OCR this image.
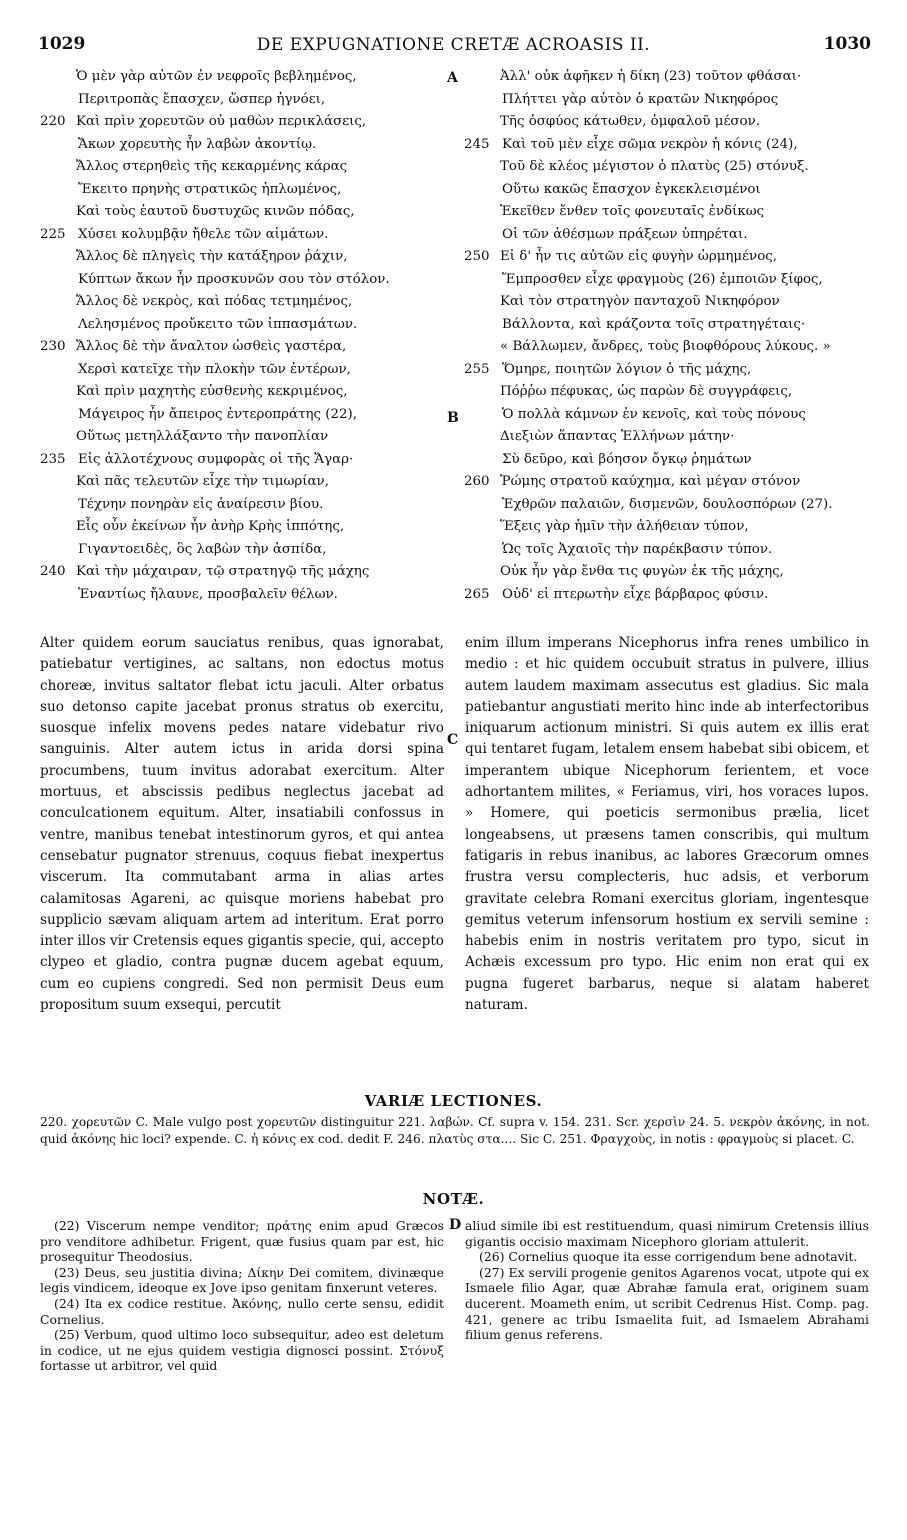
1029	DE EXPUGNATIONE CRETÆ ACROASIS II.	1030
A
B
C
D
Ὁ μὲν γὰρ αὐτῶν ἐν νεφροῖς βεβλημένος,
Περιτροπὰς ἔπασχεν, ὥσπερ ἠγνόει,
220 Καὶ πρὶν χορευτῶν οὐ μαθὼν περικλάσεις,
Ἄκων χορευτὴς ἦν λαβὼν ἀκοντίῳ.
Ἄλλος στερηθεὶς τῆς κεκαρμένης κάρας
Ἔκειτο πρηνὴς στρατικῶς ἡπλωμένος,
Καὶ τοὺς ἑαυτοῦ δυστυχῶς κινῶν πόδας,
225 Χύσει κολυμβᾷν ἤθελε τῶν αἱμάτων.
Ἄλλος δὲ πληγεὶς τὴν κατάξηρον ῥάχιν,
Κύπτων ἄκων ἦν προσκυνῶν σου τὸν στόλον.
Ἄλλος δὲ νεκρὸς, καὶ πόδας τετμημένος,
Λελησμένος προὔκειτο τῶν ἱππασμάτων.
230 Ἄλλος δὲ τὴν ἄναλτον ὠσθεὶς γαστέρα,
Χερσὶ κατεῖχε τὴν πλοκὴν τῶν ἐντέρων,
Καὶ πρὶν μαχητὴς εὐσθενὴς κεκριμένος,
Μάγειρος ἦν ἄπειρος ἐντεροπράτης (22),
Οὕτως μετηλλάξαντο τὴν πανοπλίαν
235 Εἰς ἀλλοτέχνους συμφορὰς οἱ τῆς Ἄγαρ·
Καὶ πᾶς τελευτῶν εἶχε τὴν τιμωρίαν,
Τέχνην πονηρὰν εἰς ἀναίρεσιν βίου.
Εἷς οὖν ἐκείνων ἦν ἀνὴρ Κρὴς ἱππότης,
Γιγαντοειδὲς, ὃς λαβὼν τὴν ἀσπίδα,
240 Καὶ τὴν μάχαιραν, τῷ στρατηγῷ τῆς μάχης
Ἐναντίως ἤλαυνε, προσβαλεῖν θέλων.
Ἀλλ' οὐκ ἀφῆκεν ἡ δίκη (23) τοῦτον φθάσαι·
Πλήττει γὰρ αὐτὸν ὁ κρατῶν Νικηφόρος
Τῆς ὀσφύος κάτωθεν, ὀμφαλοῦ μέσον.
245 Καὶ τοῦ μὲν εἶχε σῶμα νεκρὸν ἡ κόνις (24),
Τοῦ δὲ κλέος μέγιστον ὁ πλατὺς (25) στόνυξ.
Οὕτω κακῶς ἔπασχον ἐγκεκλεισμένοι
Ἐκεῖθεν ἔνθεν τοῖς φονευταῖς ἐνδίκως
Οἱ τῶν ἀθέσμων πράξεων ὑπηρέται.
250 Εἰ δ' ἦν τις αὐτῶν εἰς φυγὴν ὡρμημένος,
Ἔμπροσθεν εἶχε φραγμοὺς (26) ἐμποιῶν ξίφος,
Καὶ τὸν στρατηγὸν πανταχοῦ Νικηφόρον
Βάλλοντα, καὶ κράζοντα τοῖς στρατηγέταις·
« Βάλλωμεν, ἄνδρες, τοὺς βιοφθόρους λύκους. »
255 Ὅμηρε, ποιητῶν λόγιον ὁ τῆς μάχης,
Πόῤῥω πέφυκας, ὡς παρὼν δὲ συγγράφεις,
Ὁ πολλὰ κάμνων ἐν κενοῖς, καὶ τοὺς πόνους
Διεξιὼν ἅπαντας Ἑλλήνων μάτην·
Σὺ δεῦρο, καὶ βόησον ὄγκῳ ῥημάτων
260 Ῥώμης στρατοῦ καύχημα, καὶ μέγαν στόνον
Ἐχθρῶν παλαιῶν, δισμενῶν, δουλοσπόρων (27).
Ἕξεις γὰρ ἡμῖν τὴν ἀλήθειαν τύπον,
Ὡς τοῖς Ἀχαιοῖς τὴν παρέκβασιν τύπον.
Οὐκ ἦν γὰρ ἔνθα τις φυγὼν ἐκ τῆς μάχης,
265 Οὐδ' εἰ πτερωτὴν εἶχε βάρβαρος φύσιν.
Alter quidem eorum sauciatus renibus, quas ignorabat, patiebatur vertigines, ac saltans, non edoctus motus choreæ, invitus saltator flebat ictu jaculi. Alter orbatus suo detonso capite jacebat pronus stratus ob exercitu, suosque infelix movens pedes natare videbatur rivo sanguinis. Alter autem ictus in arida dorsi spina procumbens, tuum invitus adorabat exercitum. Alter mortuus, et abscissis pedibus neglectus jacebat ad conculcationem equitum. Alter, insatiabili confossus in ventre, manibus tenebat intestinorum gyros, et qui antea censebatur pugnator strenuus, coquus fiebat inexpertus viscerum. Ita commutabant arma in alias artes calamitosas Agareni, ac quisque moriens habebat pro supplicio sævam aliquam artem ad interitum. Erat porro inter illos vir Cretensis eques gigantis specie, qui, accepto clypeo et gladio, contra pugnæ ducem agebat equum, cum eo cupiens congredi. Sed non permisit Deus eum propositum suum exsequi, percutit
enim illum imperans Nicephorus infra renes umbilico in medio : et hic quidem occubuit stratus in pulvere, illius autem laudem maximam assecutus est gladius. Sic mala patiebantur angustiati merito hinc inde ab interfectoribus iniquarum actionum ministri. Si quis autem ex illis erat qui tentaret fugam, letalem ensem habebat sibi obicem, et imperantem ubique Nicephorum ferientem, et voce adhortantem milites, « Feriamus, viri, hos voraces lupos. » Homere, qui poeticis sermonibus prælia, licet longeabsens, ut præsens tamen conscribis, qui multum fatigaris in rebus inanibus, ac labores Græcorum omnes frustra versu complecteris, huc adsis, et verborum gravitate celebra Romani exercitus gloriam, ingentesque gemitus veterum infensorum hostium ex servili semine : habebis enim in nostris veritatem pro typo, sicut in Achæis excessum pro typo. Hic enim non erat qui ex pugna fugeret barbarus, neque si alatam haberet naturam.
VARIÆ LECTIONES.
220. χορευτῶν C. Male vulgo post χορευτῶν distinguitur 221. λαβών. Cf. supra v. 154. 231. Scr. χερσὶν 24. 5. νεκρὸν ἀκόνης, in not. quid ἀκόνης hic loci? expende. C. ἡ κόνις ex cod. dedit F. 246. πλατὺς στα.... Sic C. 251. Φραγχοὺς, in notis : φραγμοὺς si placet. C.
NOTÆ.

(22) Viscerum nempe venditor; πράτης enim apud Græcos pro venditore adhibetur. Frigent, quæ fusius quam par est, hic prosequitur Theodosius.

(23) Deus, seu justitia divina; Δίκην Dei comitem, divinæque legis vindicem, ideoque ex Jove ipso genitam finxerunt veteres.

(24) Ita ex codice restitue. Ἀκόνης, nullo certe sensu, edidit Cornelius.

(25) Verbum, quod ultimo loco subsequitur, adeo est deletum in codice, ut ne ejus quidem vestigia dignosci possint. Στόνυξ fortasse ut arbitror, vel quid

aliud simile ibi est restituendum, quasi nimirum Cretensis illius gigantis occisio maximam Nicephoro gloriam attulerit.

(26) Cornelius quoque ita esse corrigendum bene adnotavit.

(27) Ex servili progenie genitos Agarenos vocat, utpote qui ex Ismaele filio Agar, quæ Abrahæ famula erat, originem suam ducerent. Moameth enim, ut scribit Cedrenus Hist. Comp. pag. 421, genere ac tribu Ismaelita fuit, ad Ismaelem Abrahami filium genus referens.
